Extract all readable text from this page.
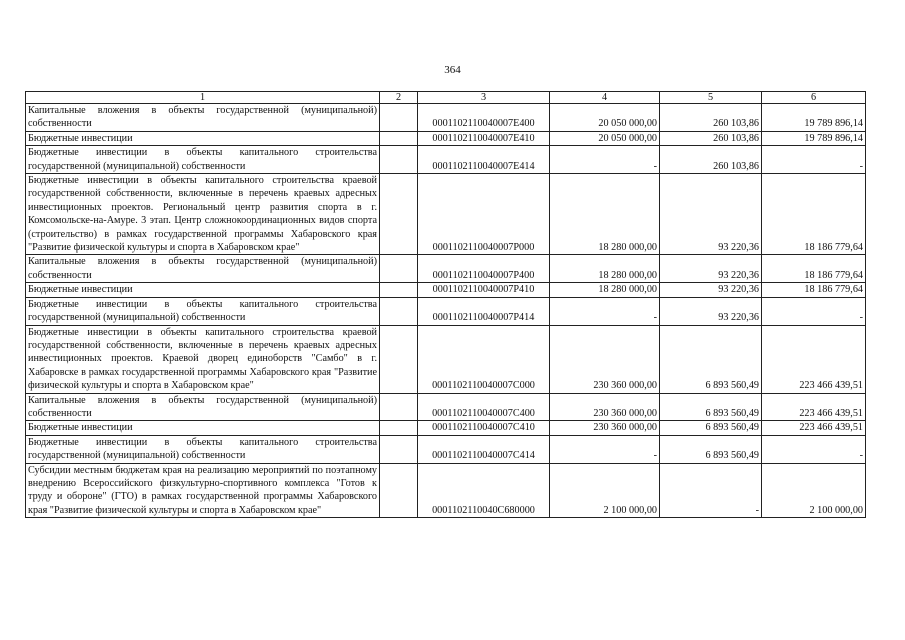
364
1	2	3	4	5	6
Капитальные вложения в объекты государственной (муниципальной) собственности		0001102110040007Е400	20 050 000,00	260 103,86	19 789 896,14
Бюджетные инвестиции		0001102110040007Е410	20 050 000,00	260 103,86	19 789 896,14
Бюджетные инвестиции в объекты капитального строительства государственной (муниципальной) собственности		0001102110040007Е414	-	260 103,86	-
Бюджетные инвестиции в объекты капитального строительства краевой государственной собственности, включенные в перечень краевых адресных инвестиционных проектов. Региональный центр развития спорта в г. Комсомольске-на-Амуре. 3 этап. Центр сложнокоординационных видов спорта (строительство) в рамках государственной программы Хабаровского края "Развитие физической культуры и спорта в Хабаровском крае"		0001102110040007Р000	18 280 000,00	93 220,36	18 186 779,64
Капитальные вложения в объекты государственной (муниципальной) собственности		0001102110040007Р400	18 280 000,00	93 220,36	18 186 779,64
Бюджетные инвестиции		0001102110040007Р410	18 280 000,00	93 220,36	18 186 779,64
Бюджетные инвестиции в объекты капитального строительства государственной (муниципальной) собственности		0001102110040007Р414	-	93 220,36	-
Бюджетные инвестиции в объекты капитального строительства краевой государственной собственности, включенные в перечень краевых адресных инвестиционных проектов. Краевой дворец единоборств "Самбо" в г. Хабаровске в рамках государственной программы Хабаровского края "Развитие физической культуры и спорта в Хабаровском крае"		0001102110040007С000	230 360 000,00	6 893 560,49	223 466 439,51
Капитальные вложения в объекты государственной (муниципальной) собственности		0001102110040007С400	230 360 000,00	6 893 560,49	223 466 439,51
Бюджетные инвестиции		0001102110040007С410	230 360 000,00	6 893 560,49	223 466 439,51
Бюджетные инвестиции в объекты капитального строительства государственной (муниципальной) собственности		0001102110040007С414	-	6 893 560,49	-
Субсидии местным бюджетам края на реализацию мероприятий по поэтапному внедрению Всероссийского физкультурно-спортивного комплекса "Готов к труду и обороне" (ГТО) в рамках государственной программы Хабаровского края "Развитие физической культуры и спорта в Хабаровском крае"		0001102110040С680000	2 100 000,00	-	2 100 000,00
